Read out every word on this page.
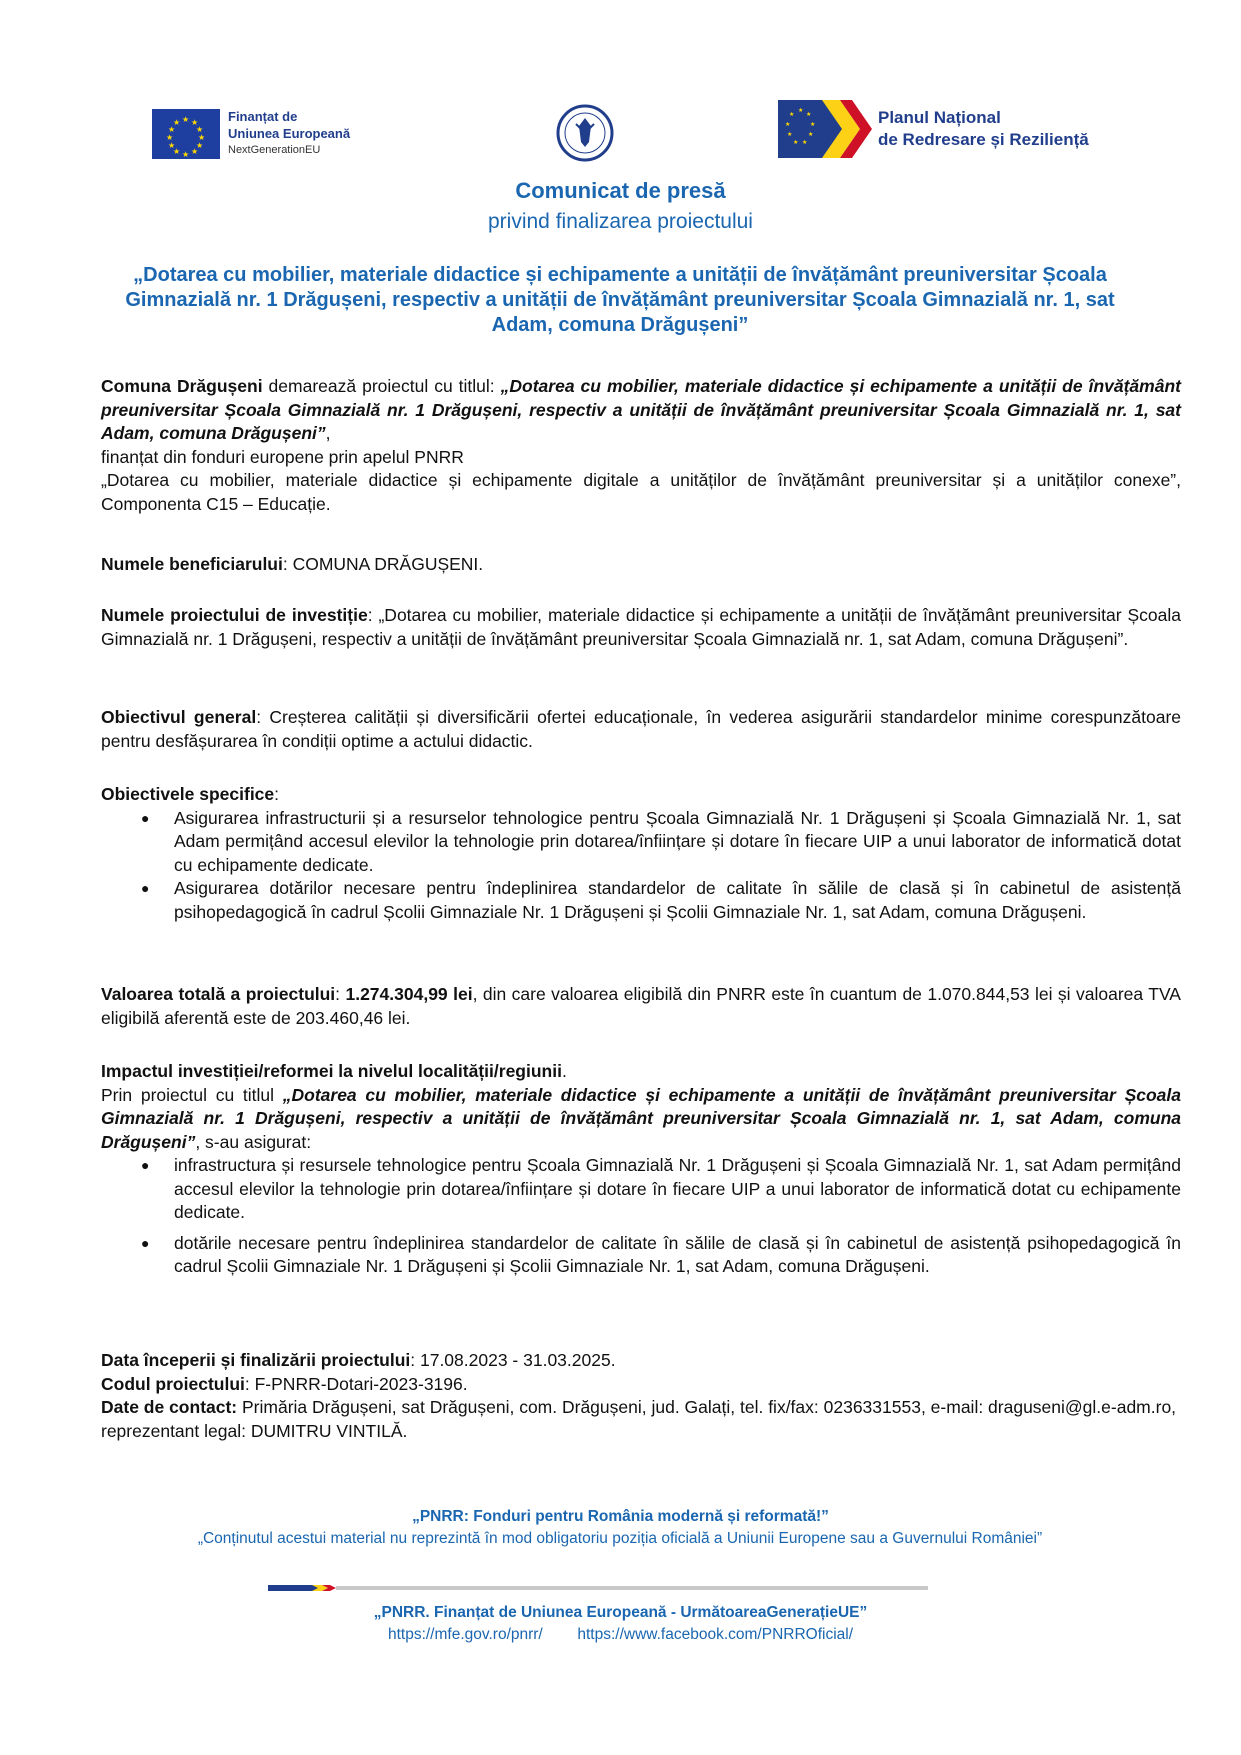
★ ★
★
★
★
★
★
★
★
★
★
★	Finanțat de
Uniunea Europeană
NextGenerationEU
★
★
★
★
★
★
★
★
★	Planul Național
de Redresare și Reziliență
Comunicat de presă
privind finalizarea proiectului
„Dotarea cu mobilier, materiale didactice și echipamente a unității de învățământ preuniversitar Școala Gimnazială nr. 1 Drăgușeni, respectiv a unității de învățământ preuniversitar Școala Gimnazială nr. 1, sat Adam, comuna Drăgușeni”

Comuna Drăgușeni demarează proiectul cu titlul: „Dotarea cu mobilier, materiale didactice și echipamente a unității de învățământ preuniversitar Școala Gimnazială nr. 1 Drăgușeni, respectiv a unității de învățământ preuniversitar Școala Gimnazială nr. 1, sat Adam, comuna Drăgușeni”,

finanțat din fonduri europene prin apelul PNRR

„Dotarea cu mobilier, materiale didactice și echipamente digitale a unităților de învățământ preuniversitar și a unităților conexe”, Componenta C15 – Educație.

Numele beneficiarului: COMUNA DRĂGUȘENI.

Numele proiectului de investiție: „Dotarea cu mobilier, materiale didactice și echipamente a unității de învățământ preuniversitar Școala Gimnazială nr. 1 Drăgușeni, respectiv a unității de învățământ preuniversitar Școala Gimnazială nr. 1, sat Adam, comuna Drăgușeni”.

Obiectivul general: Creșterea calității și diversificării ofertei educaționale, în vederea asigurării standardelor minime corespunzătoare pentru desfășurarea în condiții optime a actului didactic.

Obiectivele specifice:

● Asigurarea infrastructurii și a resurselor tehnologice pentru Școala Gimnazială Nr. 1 Drăgușeni și Școala Gimnazială Nr. 1, sat Adam permițând accesul elevilor la tehnologie prin dotarea/înființare și dotare în fiecare UIP a unui laborator de informatică dotat cu echipamente dedicate.
● Asigurarea dotărilor necesare pentru îndeplinirea standardelor de calitate în sălile de clasă și în cabinetul de asistență psihopedagogică în cadrul Școlii Gimnaziale Nr. 1 Drăgușeni și Școlii Gimnaziale Nr. 1, sat Adam, comuna Drăgușeni.

Valoarea totală a proiectului: 1.274.304,99 lei, din care valoarea eligibilă din PNRR este în cuantum de 1.070.844,53 lei și valoarea TVA eligibilă aferentă este de 203.460,46 lei.

Impactul investiției/reformei la nivelul localității/regiunii.

Prin proiectul cu titlul „Dotarea cu mobilier, materiale didactice și echipamente a unității de învățământ preuniversitar Școala Gimnazială nr. 1 Drăgușeni, respectiv a unității de învățământ preuniversitar Școala Gimnazială nr. 1, sat Adam, comuna Drăgușeni”, s-au asigurat:

● infrastructura și resursele tehnologice pentru Școala Gimnazială Nr. 1 Drăgușeni și Școala Gimnazială Nr. 1, sat Adam permițând accesul elevilor la tehnologie prin dotarea/înființare și dotare în fiecare UIP a unui laborator de informatică dotat cu echipamente dedicate.
● dotările necesare pentru îndeplinirea standardelor de calitate în sălile de clasă și în cabinetul de asistență psihopedagogică în cadrul Școlii Gimnaziale Nr. 1 Drăgușeni și Școlii Gimnaziale Nr. 1, sat Adam, comuna Drăgușeni.

Data începerii și finalizării proiectului: 17.08.2023 - 31.03.2025.

Codul proiectului: F-PNRR-Dotari-2023-3196.

Date de contact: Primăria Drăgușeni, sat Drăgușeni, com. Drăgușeni, jud. Galați, tel. fix/fax: 0236331553, e-mail: draguseni@gl.e-adm.ro, reprezentant legal: DUMITRU VINTILĂ.

„PNRR: Fonduri pentru România modernă și reformată!”
„Conținutul acestui material nu reprezintă în mod obligatoriu poziția oficială a Uniunii Europene sau a Guvernului României”
„PNRR. Finanțat de Uniunea Europeană - UrmătoareaGenerațieUE”
https://mfe.gov.ro/pnrr/ https://www.facebook.com/PNRROficial/
